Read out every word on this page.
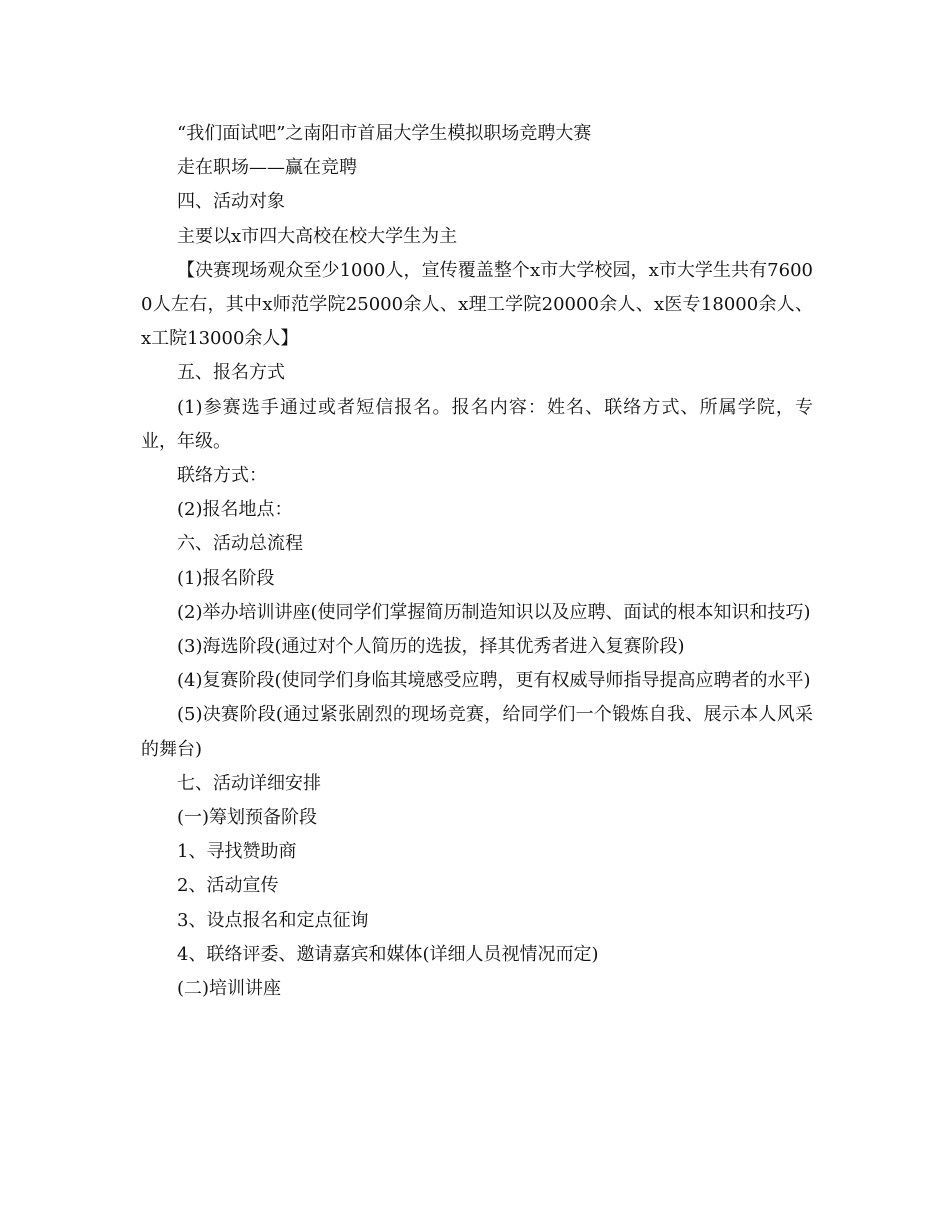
“我们面试吧”之南阳市首届大学生模拟职场竞聘大赛

走在职场——赢在竞聘

四、活动对象

主要以x市四大高校在校大学生为主

【决赛现场观众至少1000人，宣传覆盖整个x市大学校园，x市大学生共有76000人左右，其中x师范学院25000余人、x理工学院20000余人、x医专18000余人、x工院13000余人】

五、报名方式

(1)参赛选手通过或者短信报名。报名内容：姓名、联络方式、所属学院，专业，年级。

联络方式：

(2)报名地点：

六、活动总流程

(1)报名阶段

(2)举办培训讲座(使同学们掌握简历制造知识以及应聘、面试的根本知识和技巧)

(3)海选阶段(通过对个人简历的选拔，择其优秀者进入复赛阶段)

(4)复赛阶段(使同学们身临其境感受应聘，更有权威导师指导提高应聘者的水平)

(5)决赛阶段(通过紧张剧烈的现场竞赛，给同学们一个锻炼自我、展示本人风采的舞台)

七、活动详细安排

(一)筹划预备阶段

1、寻找赞助商

2、活动宣传

3、设点报名和定点征询

4、联络评委、邀请嘉宾和媒体(详细人员视情况而定)

(二)培训讲座
